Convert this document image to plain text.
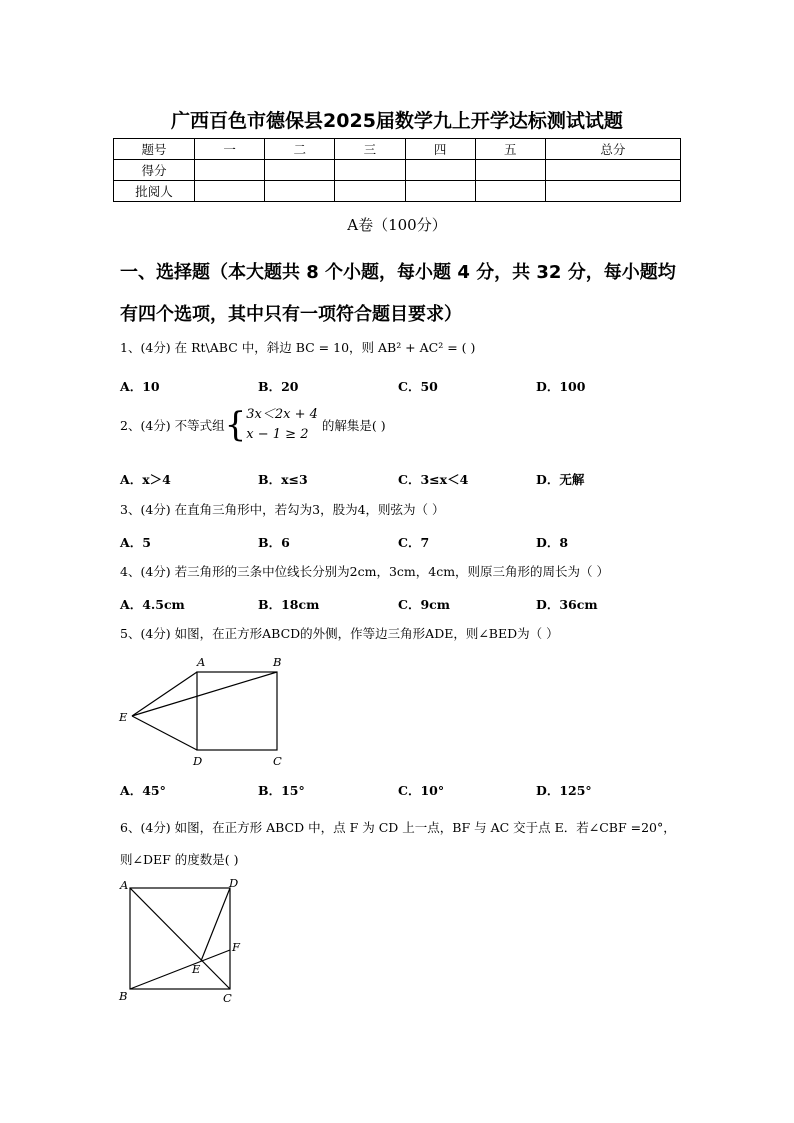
广西百色市德保县2025届数学九上开学达标测试试题
题号	一	二	三	四	五	总分
得分						
批阅人						
A卷（100分）
一、选择题（本大题共 8 个小题，每小题 4 分，共 32 分，每小题均有四个选项，其中只有一项符合题目要求）
1、(4分) 在 Rt\ABC 中，斜边 BC = 10，则 AB² + AC² = ( )
A．10	B．20	C．50	D．100
2、(4分) 不等式组{ 3x＜2x + 4
x − 1 ≥ 2
的解集是( )
A．x＞4	B．x≤3	C．3≤x＜4	D．无解
3、(4分) 在直角三角形中，若勾为3，股为4，则弦为（ ）
A．5	B．6	C．7	D．8
4、(4分) 若三角形的三条中位线长分别为2cm，3cm，4cm，则原三角形的周长为（ ）
A．4.5cm	B．18cm	C．9cm	D．36cm
5、(4分) 如图，在正方形ABCD的外侧，作等边三角形ADE，则∠BED为（ ）
A	B
C
D
E
A．45°	B．15°	C．10°	D．125°
6、(4分) 如图，在正方形 ABCD 中，点 F 为 CD 上一点，BF 与 AC 交于点 E．若∠CBF =20°，则∠DEF 的度数是( )
A	D
F
E
B	C
